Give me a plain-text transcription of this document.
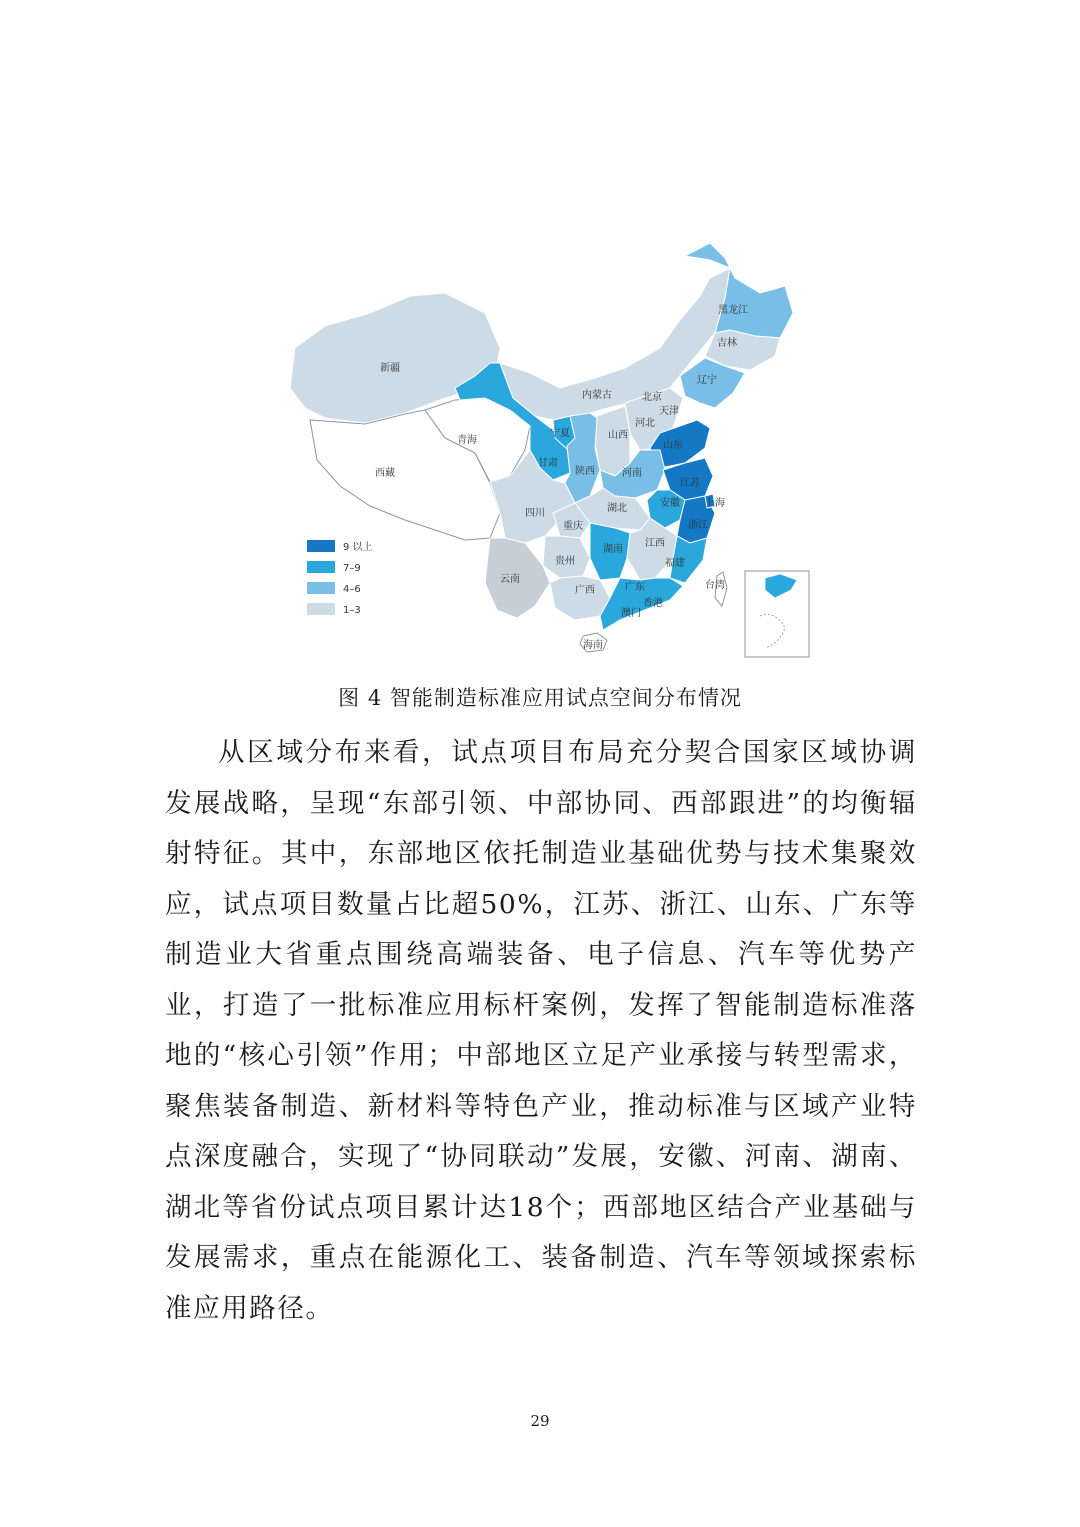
新疆
西藏
青海
甘肃
宁夏
内蒙古
黑龙江
吉林
辽宁
北京
天津
河北
山西
陕西
山东
河南
江苏
安徽	上海
湖北
四川
重庆	浙江
湖南
江西
贵州
云南
广西
福建
广东
香港
澳门
台湾
海南
9 以上
7–9
4–6
1–3
图 4 智能制造标准应用试点空间分布情况

从区域分布来看，试点项目布局充分契合国家区域协调发展战略，呈现“东部引领、中部协同、西部跟进”的均衡辐射特征。其中，东部地区依托制造业基础优势与技术集聚效应，试点项目数量占比超50%，江苏、浙江、山东、广东等制造业大省重点围绕高端装备、电子信息、汽车等优势产业，打造了一批标准应用标杆案例，发挥了智能制造标准落地的“核心引领”作用；中部地区立足产业承接与转型需求，聚焦装备制造、新材料等特色产业，推动标准与区域产业特点深度融合，实现了“协同联动”发展，安徽、河南、湖南、湖北等省份试点项目累计达18个；西部地区结合产业基础与发展需求，重点在能源化工、装备制造、汽车等领域探索标准应用路径。

29
